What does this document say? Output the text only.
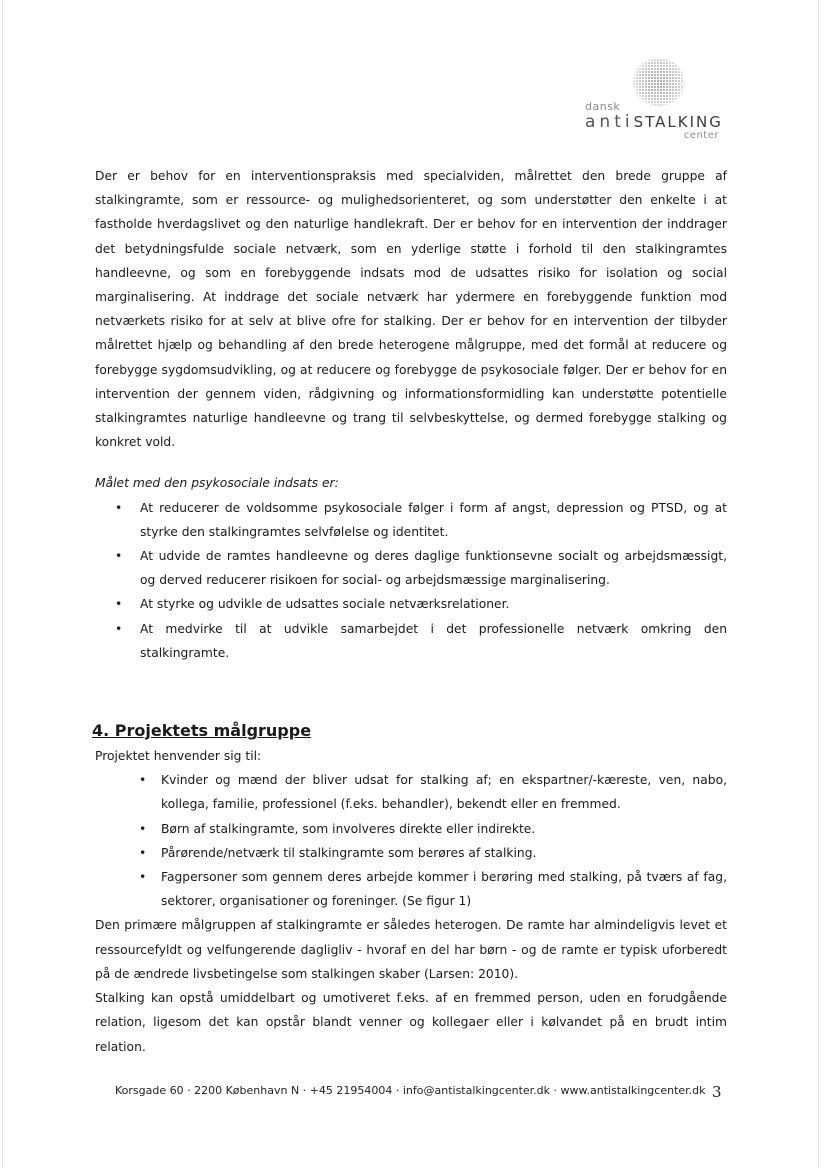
dansk
antiSTALKING
center

Der er behov for en interventionspraksis med specialviden, målrettet den brede gruppe af stalkingramte, som er ressource- og mulighedsorienteret, og som understøtter den enkelte i at fastholde hverdagslivet og den naturlige handlekraft. Der er behov for en intervention der inddrager det betydningsfulde sociale netværk, som en yderlige støtte i forhold til den stalkingramtes handleevne, og som en forebyggende indsats mod de udsattes risiko for isolation og social marginalisering. At inddrage det sociale netværk har ydermere en forebyggende funktion mod netværkets risiko for at selv at blive ofre for stalking. Der er behov for en intervention der tilbyder målrettet hjælp og behandling af den brede heterogene målgruppe, med det formål at reducere og forebygge sygdomsudvikling, og at reducere og forebygge de psykosociale følger. Der er behov for en intervention der gennem viden, rådgivning og informationsformidling kan understøtte potentielle stalkingramtes naturlige handleevne og trang til selvbeskyttelse, og dermed forebygge stalking og konkret vold.

Målet med den psykosociale indsats er:

• At reducerer de voldsomme psykosociale følger i form af angst, depression og PTSD, og at styrke den stalkingramtes selvfølelse og identitet.
• At udvide de ramtes handleevne og deres daglige funktionsevne socialt og arbejdsmæssigt, og derved reducerer risikoen for social- og arbejdsmæssige marginalisering.
• At styrke og udvikle de udsattes sociale netværksrelationer.
• At medvirke til at udvikle samarbejdet i det professionelle netværk omkring den stalkingramte.
4. Projektets målgruppe

Projektet henvender sig til:

• Kvinder og mænd der bliver udsat for stalking af; en ekspartner/-kæreste, ven, nabo, kollega, familie, professionel (f.eks. behandler), bekendt eller en fremmed.
• Børn af stalkingramte, som involveres direkte eller indirekte.
• Pårørende/netværk til stalkingramte som berøres af stalking.
• Fagpersoner som gennem deres arbejde kommer i berøring med stalking, på tværs af fag, sektorer, organisationer og foreninger. (Se figur 1)

Den primære målgruppen af stalkingramte er således heterogen. De ramte har almindeligvis levet et ressourcefyldt og velfungerende dagligliv - hvoraf en del har børn - og de ramte er typisk uforberedt på de ændrede livsbetingelse som stalkingen skaber (Larsen: 2010).

Stalking kan opstå umiddelbart og umotiveret f.eks. af en fremmed person, uden en forudgående relation, ligesom det kan opstår blandt venner og kollegaer eller i kølvandet på en brudt intim relation.

Korsgade 60 · 2200 København N · +45 21954004 · info@antistalkingcenter.dk · www.antistalkingcenter.dk 3
